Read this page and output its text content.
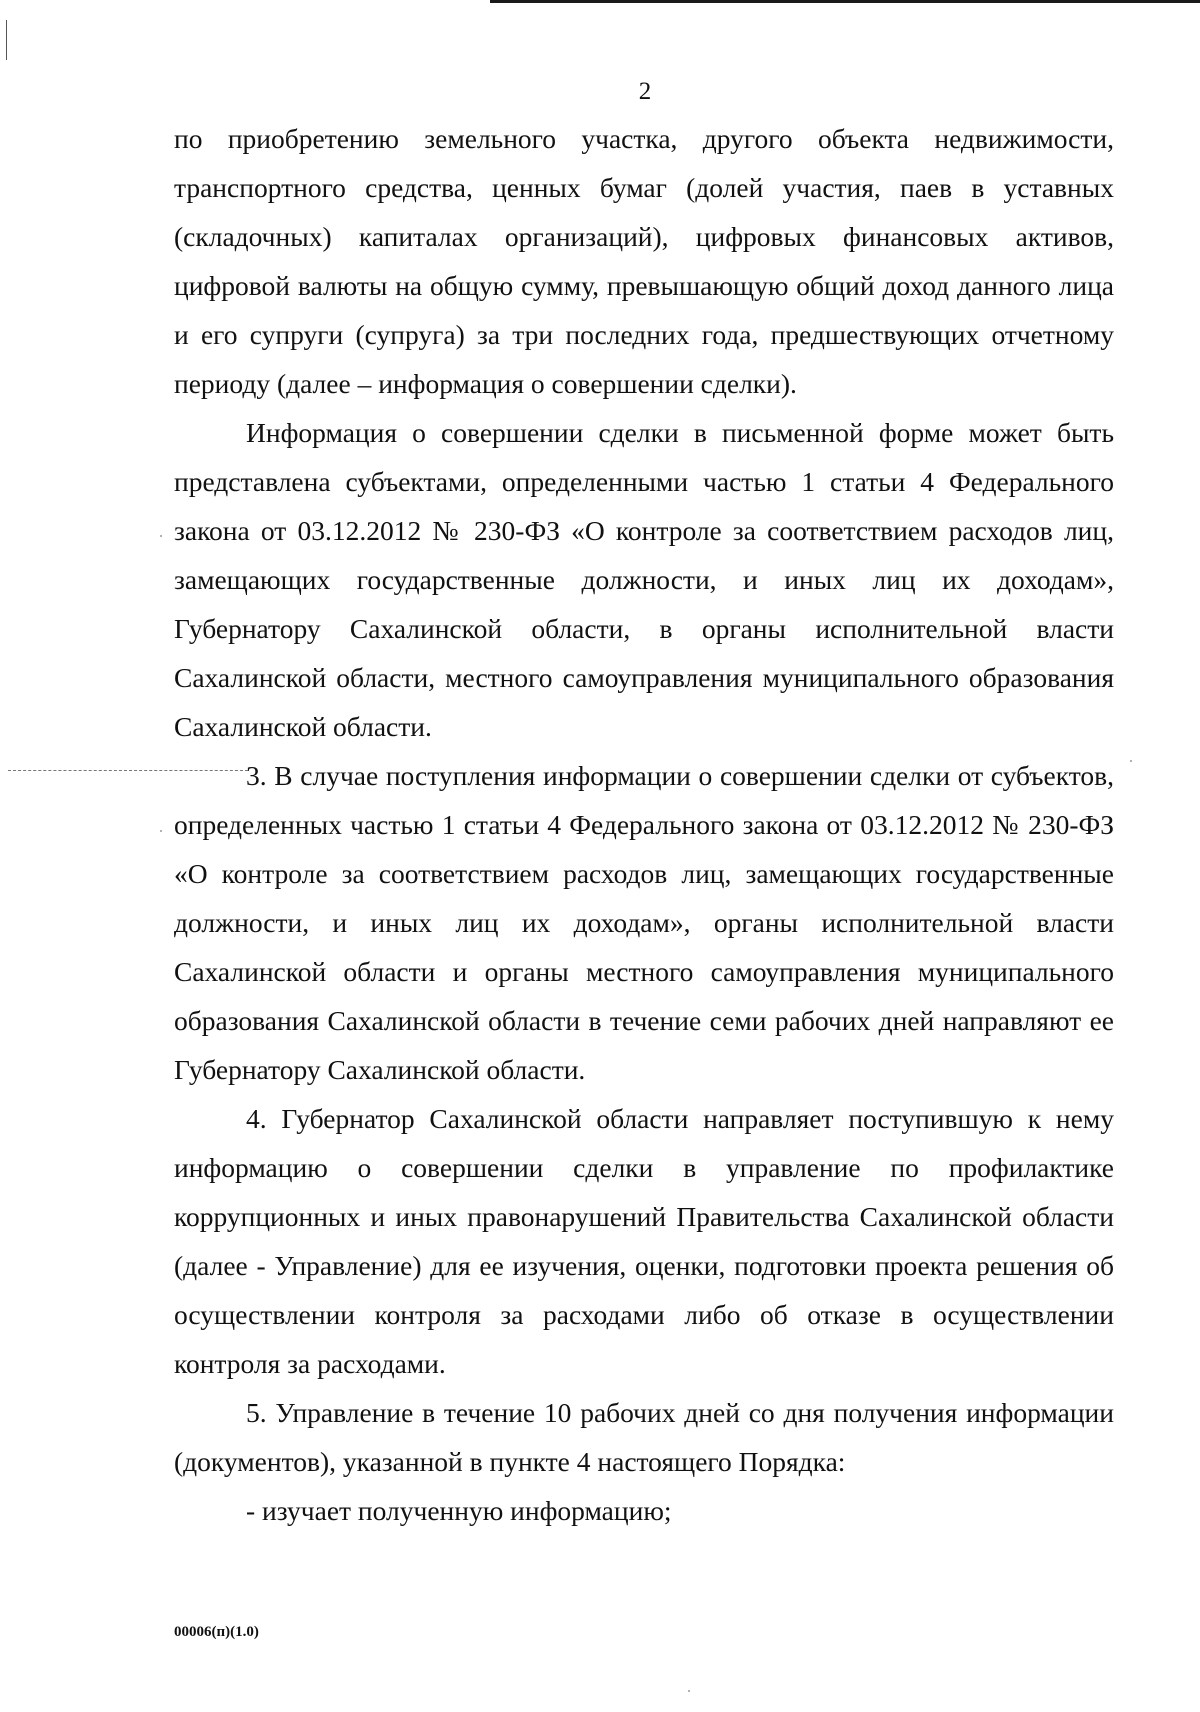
2

по приобретению земельного участка, другого объекта недвижимости, транспортного средства, ценных бумаг (долей участия, паев в уставных (складочных) капиталах организаций), цифровых финансовых активов, цифровой валюты на общую сумму, превышающую общий доход данного лица и его супруги (супруга) за три последних года, предшествующих отчетному периоду (далее – информация о совершении сделки).

Информация о совершении сделки в письменной форме может быть представлена субъектами, определенными частью 1 статьи 4 Федерального закона от 03.12.2012 № 230-ФЗ «О контроле за соответствием расходов лиц, замещающих государственные должности, и иных лиц их доходам», Губернатору Сахалинской области, в органы исполнительной власти Сахалинской области, местного самоуправления муниципального образования Сахалинской области.

3. В случае поступления информации о совершении сделки от субъектов, определенных частью 1 статьи 4 Федерального закона от 03.12.2012 № 230-ФЗ «О контроле за соответствием расходов лиц, замещающих государственные должности, и иных лиц их доходам», органы исполнительной власти Сахалинской области и органы местного самоуправления муниципального образования Сахалинской области в течение семи рабочих дней направляют ее Губернатору Сахалинской области.

4. Губернатор Сахалинской области направляет поступившую к нему информацию о совершении сделки в управление по профилактике коррупционных и иных правонарушений Правительства Сахалинской области (далее - Управление) для ее изучения, оценки, подготовки проекта решения об осуществлении контроля за расходами либо об отказе в осуществлении контроля за расходами.

5. Управление в течение 10 рабочих дней со дня получения информации (документов), указанной в пункте 4 настоящего Порядка:

- изучает полученную информацию;

00006(п)(1.0)
